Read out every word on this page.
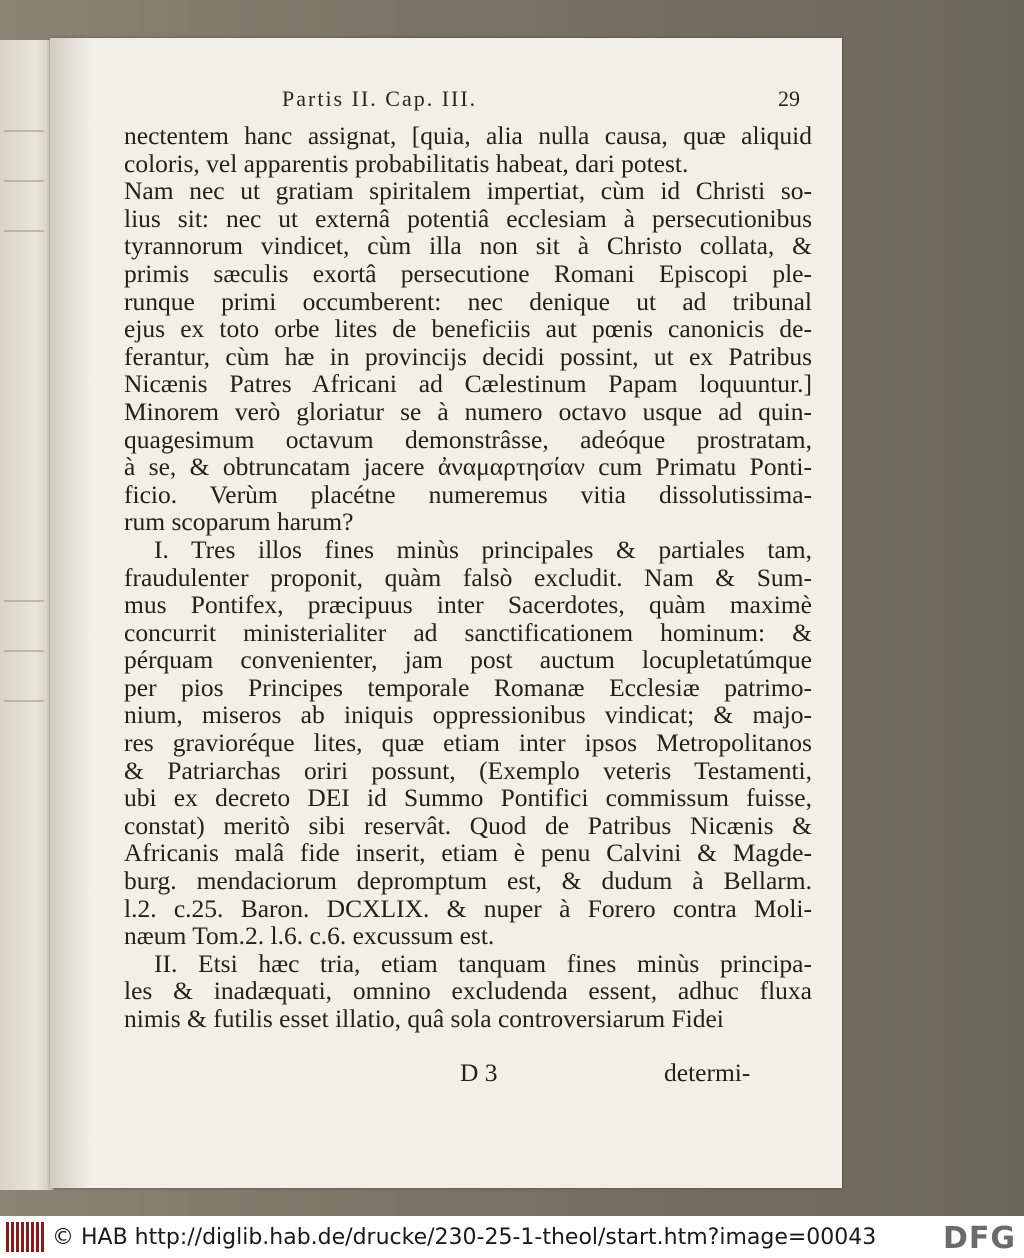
Partis II. Cap. III.	29
nectentem hanc assignat, [quia, alia nulla causa, quæ aliquid
coloris, vel apparentis probabilitatis habeat, dari potest.
Nam nec ut gratiam spiritalem impertiat, cùm id Christi so-
lius sit: nec ut externâ potentiâ ecclesiam à persecutionibus
tyrannorum vindicet, cùm illa non sit à Christo collata, &
primis sæculis exortâ persecutione Romani Episcopi ple-
runque primi occumberent: nec denique ut ad tribunal
ejus ex toto orbe lites de beneficiis aut pœnis canonicis de-
ferantur, cùm hæ in provincijs decidi possint, ut ex Patribus
Nicænis Patres Africani ad Cælestinum Papam loquuntur.]
Minorem verò gloriatur se à numero octavo usque ad quin-
quagesimum octavum demonstrâsse, adeóque prostratam,
à se, & obtruncatam jacere ἀναμαρτησίαν cum Primatu Ponti-
ficio. Verùm placétne numeremus vitia dissolutissima-
rum scoparum harum?
I. Tres illos fines minùs principales & partiales tam,
fraudulenter proponit, quàm falsò excludit. Nam & Sum-
mus Pontifex, præcipuus inter Sacerdotes, quàm maximè
concurrit ministerialiter ad sanctificationem hominum: &
pérquam convenienter, jam post auctum locupletatúmque
per pios Principes temporale Romanæ Ecclesiæ patrimo-
nium, miseros ab iniquis oppressionibus vindicat; & majo-
res gravioréque lites, quæ etiam inter ipsos Metropolitanos
& Patriarchas oriri possunt, (Exemplo veteris Testamenti,
ubi ex decreto DEI id Summo Pontifici commissum fuisse,
constat) meritò sibi reservât. Quod de Patribus Nicænis &
Africanis malâ fide inserit, etiam è penu Calvini & Magde-
burg. mendaciorum depromptum est, & dudum à Bellarm.
l.2. c.25. Baron. DCXLIX. & nuper à Forero contra Moli-
næum Tom.2. l.6. c.6. excussum est.
II. Etsi hæc tria, etiam tanquam fines minùs principa-
les & inadæquati, omnino excludenda essent, adhuc fluxa
nimis & futilis esset illatio, quâ sola controversiarum Fidei
D 3	determi-
© HAB http://diglib.hab.de/drucke/230-25-1-theol/start.htm?image=00043 DFG
